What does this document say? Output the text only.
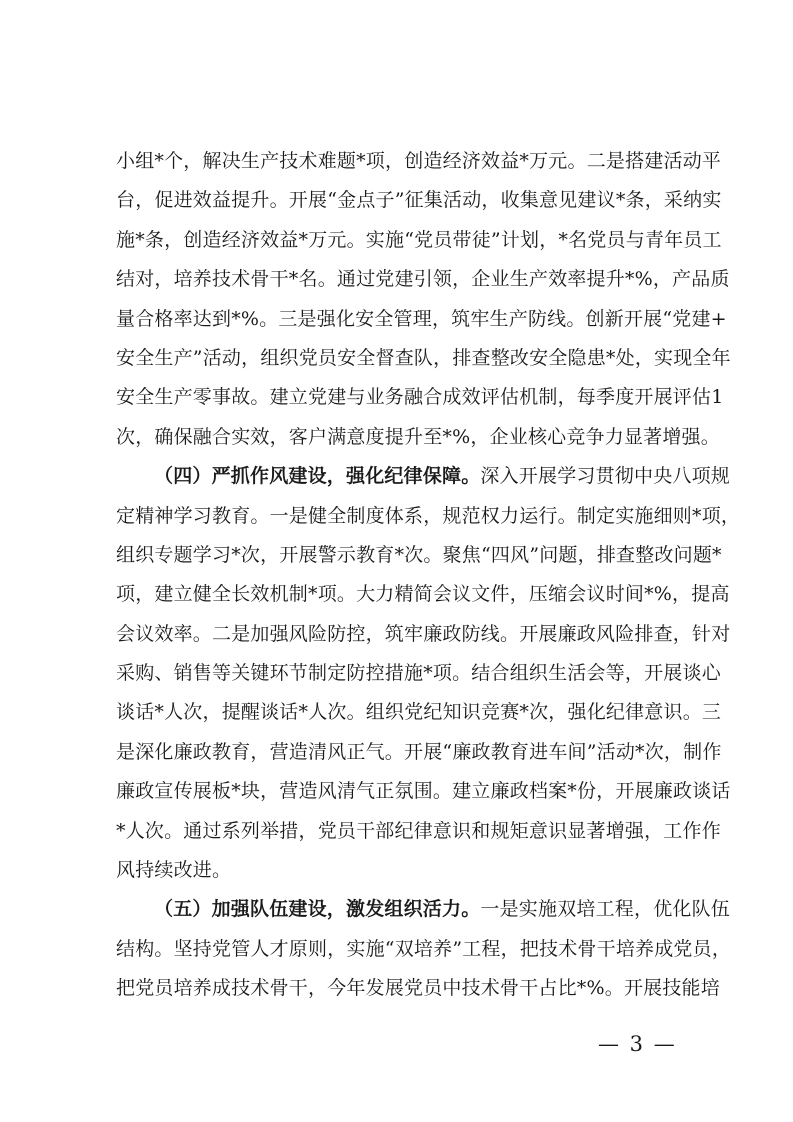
小组*个，解决生产技术难题*项，创造经济效益*万元。二是搭建活动平
台，促进效益提升。开展“金点子”征集活动，收集意见建议*条，采纳实
施*条，创造经济效益*万元。实施“党员带徒”计划，*名党员与青年员工
结对，培养技术骨干*名。通过党建引领，企业生产效率提升*%，产品质
量合格率达到*%。三是强化安全管理，筑牢生产防线。创新开展“党建+
安全生产”活动，组织党员安全督查队，排查整改安全隐患*处，实现全年
安全生产零事故。建立党建与业务融合成效评估机制，每季度开展评估1
次，确保融合实效，客户满意度提升至*%，企业核心竞争力显著增强。
（四）严抓作风建设，强化纪律保障。深入开展学习贯彻中央八项规
定精神学习教育。一是健全制度体系，规范权力运行。制定实施细则*项，
组织专题学习*次，开展警示教育*次。聚焦“四风”问题，排查整改问题*
项，建立健全长效机制*项。大力精简会议文件，压缩会议时间*%，提高
会议效率。二是加强风险防控，筑牢廉政防线。开展廉政风险排查，针对
采购、销售等关键环节制定防控措施*项。结合组织生活会等，开展谈心
谈话*人次，提醒谈话*人次。组织党纪知识竞赛*次，强化纪律意识。三
是深化廉政教育，营造清风正气。开展“廉政教育进车间”活动*次，制作
廉政宣传展板*块，营造风清气正氛围。建立廉政档案*份，开展廉政谈话
*人次。通过系列举措，党员干部纪律意识和规矩意识显著增强，工作作
风持续改进。
（五）加强队伍建设，激发组织活力。一是实施双培工程，优化队伍
结构。坚持党管人才原则，实施“双培养”工程，把技术骨干培养成党员，
把党员培养成技术骨干，今年发展党员中技术骨干占比*%。开展技能培
— 3 —
